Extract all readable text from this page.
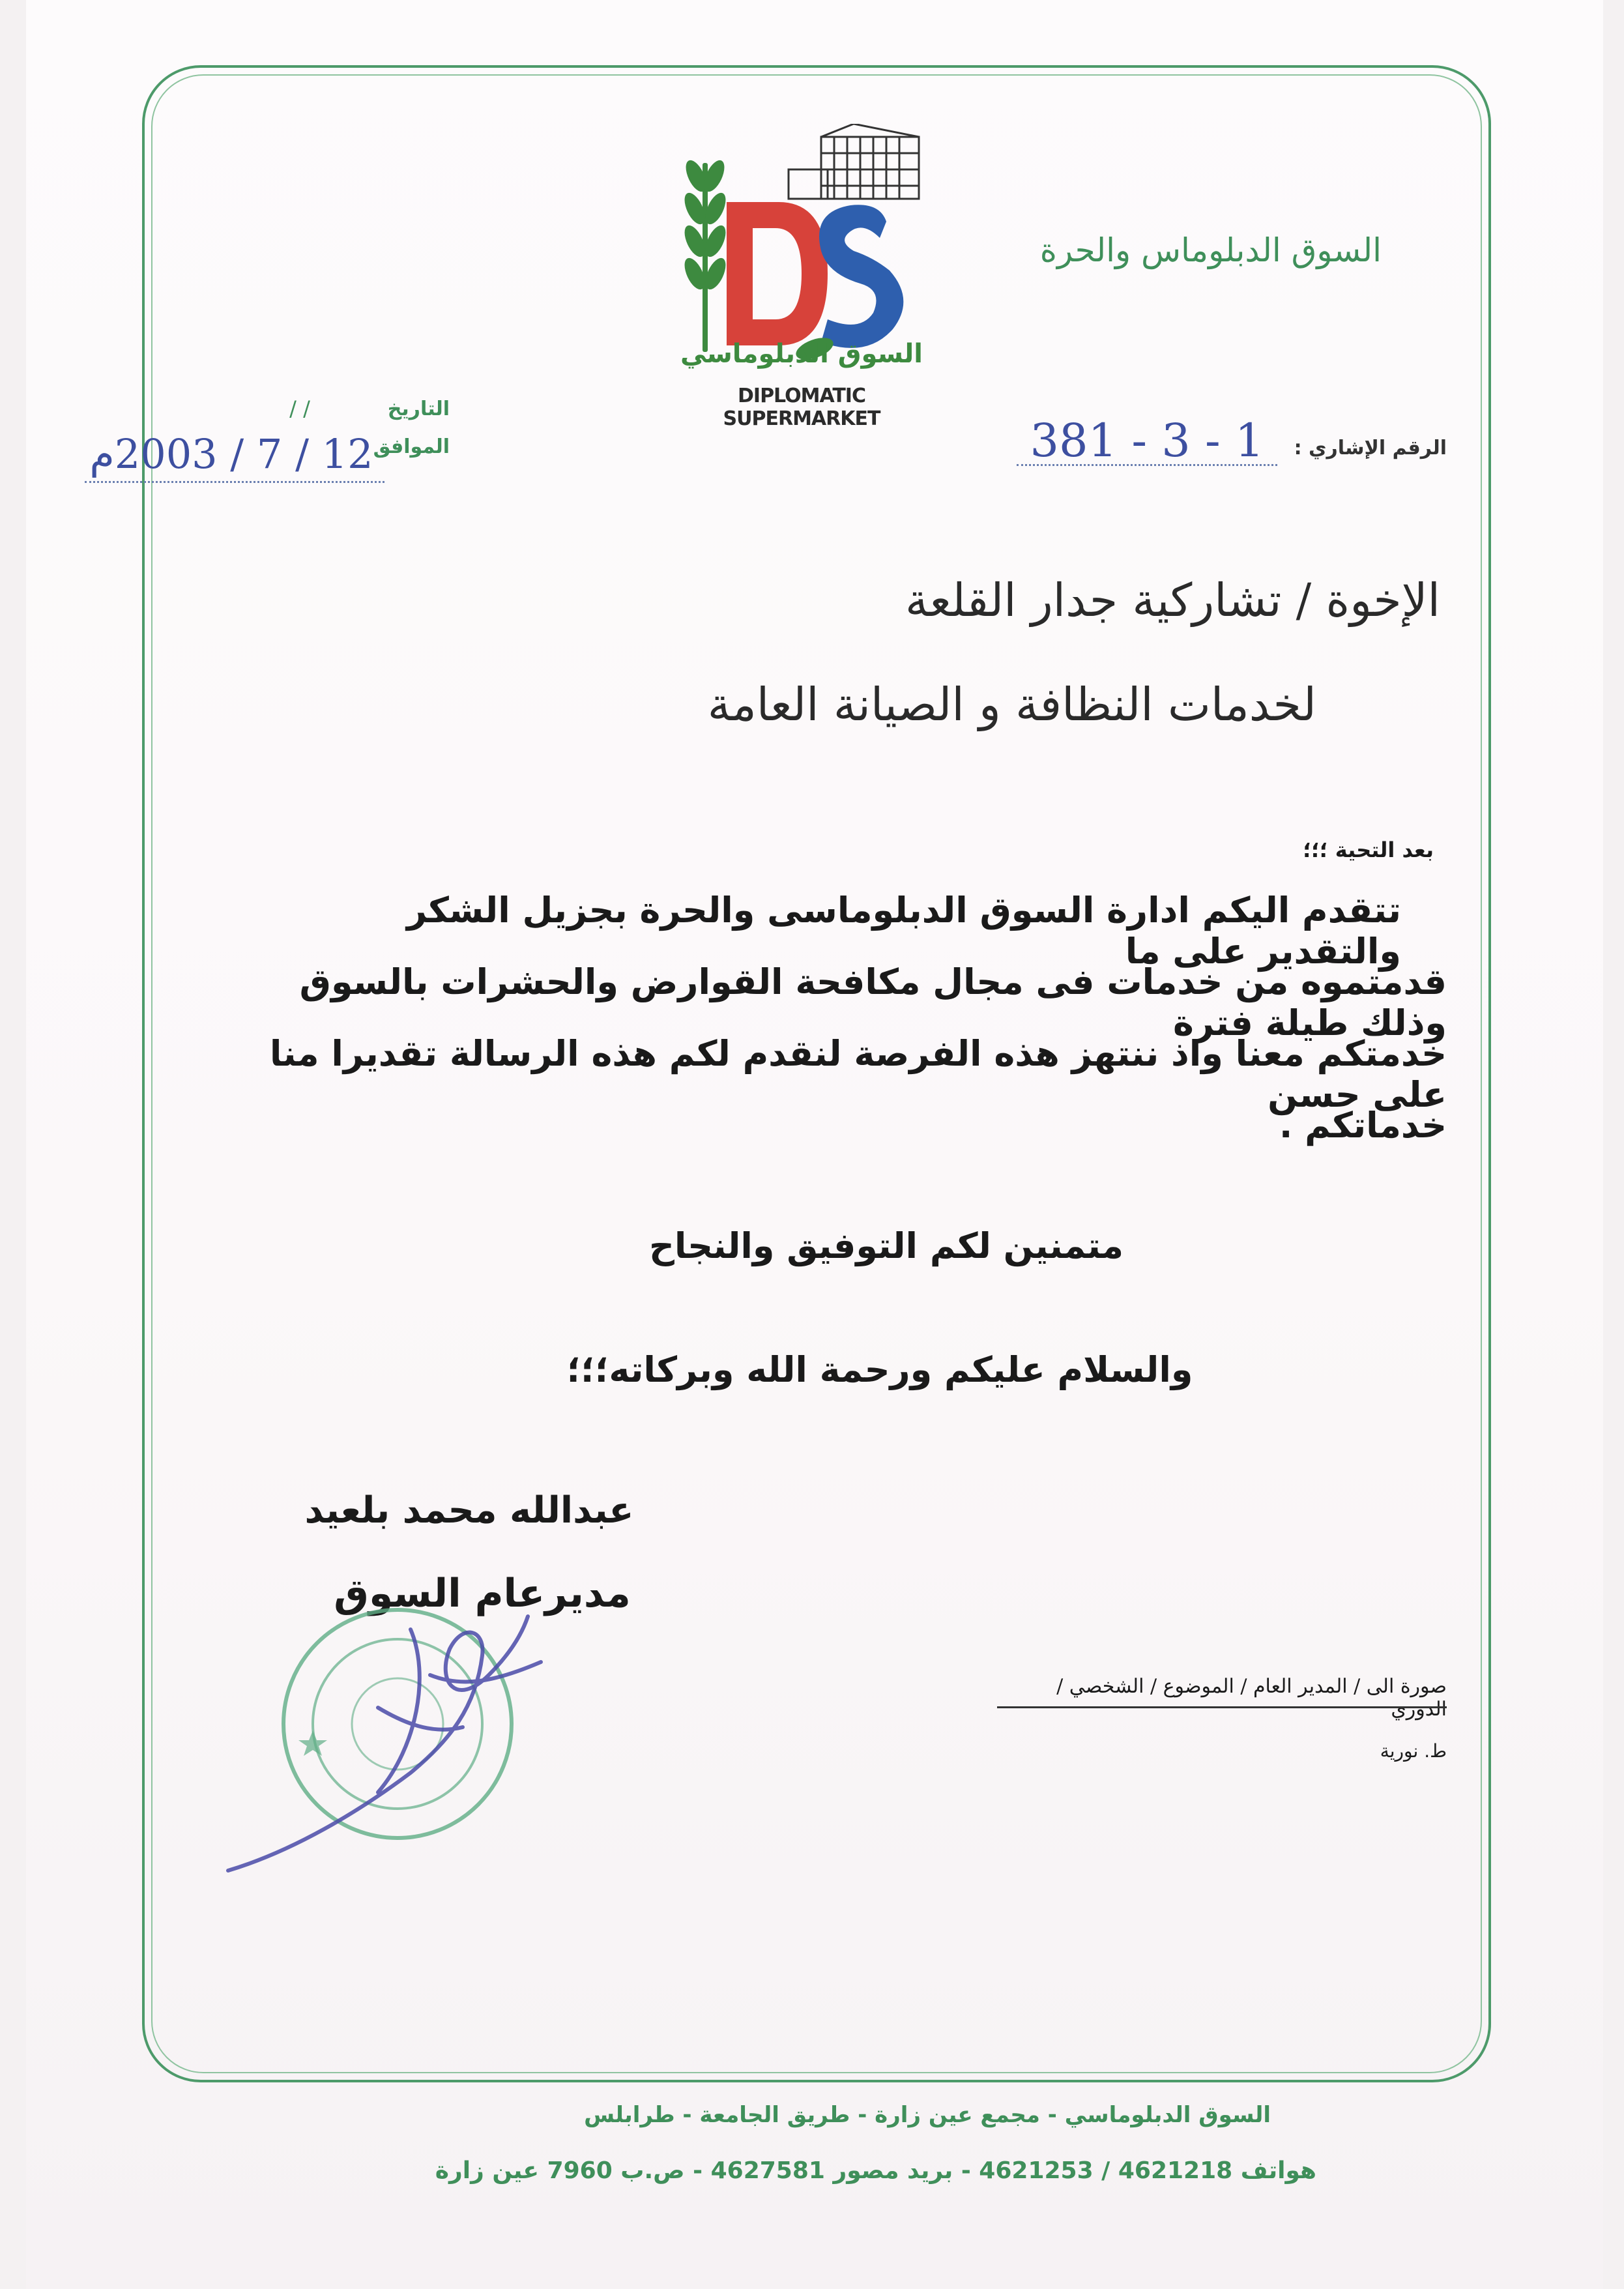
السوق الدبلوماس والحرة
السوق الدبلوماسي
DIPLOMATIC SUPERMARKET
التاريخ
/ /
الموافق
12 / 7 / 2003م	الرقم الإشاري :
381 - 3 - 1
الإخوة / تشاركية جدار القلعة
لخدمات النظافة و الصيانة العامة
بعد التحية ؛؛؛
تتقدم اليكم ادارة السوق الدبلوماسى والحرة بجزيل الشكر والتقدير على ما
قدمتموه من خدمات فى مجال مكافحة القوارض والحشرات بالسوق وذلك طيلة فترة
خدمتكم معنا واذ ننتهز هذه الفرصة لنقدم لكم هذه الرسالة تقديرا منا على حسن
خدماتكم .
متمنين لكم التوفيق والنجاح
والسلام عليكم ورحمة الله وبركاته؛؛؛
عبدالله محمد بلعيد
مديرعام السوق
صورة الى / المدير العام / الموضوع / الشخصي / الدوري
ط. نورية
السوق الدبلوماسي - مجمع عين زارة - طريق الجامعة - طرابلس
هواتف 4621218 / 4621253 - بريد مصور 4627581 - ص.ب 7960 عين زارة
